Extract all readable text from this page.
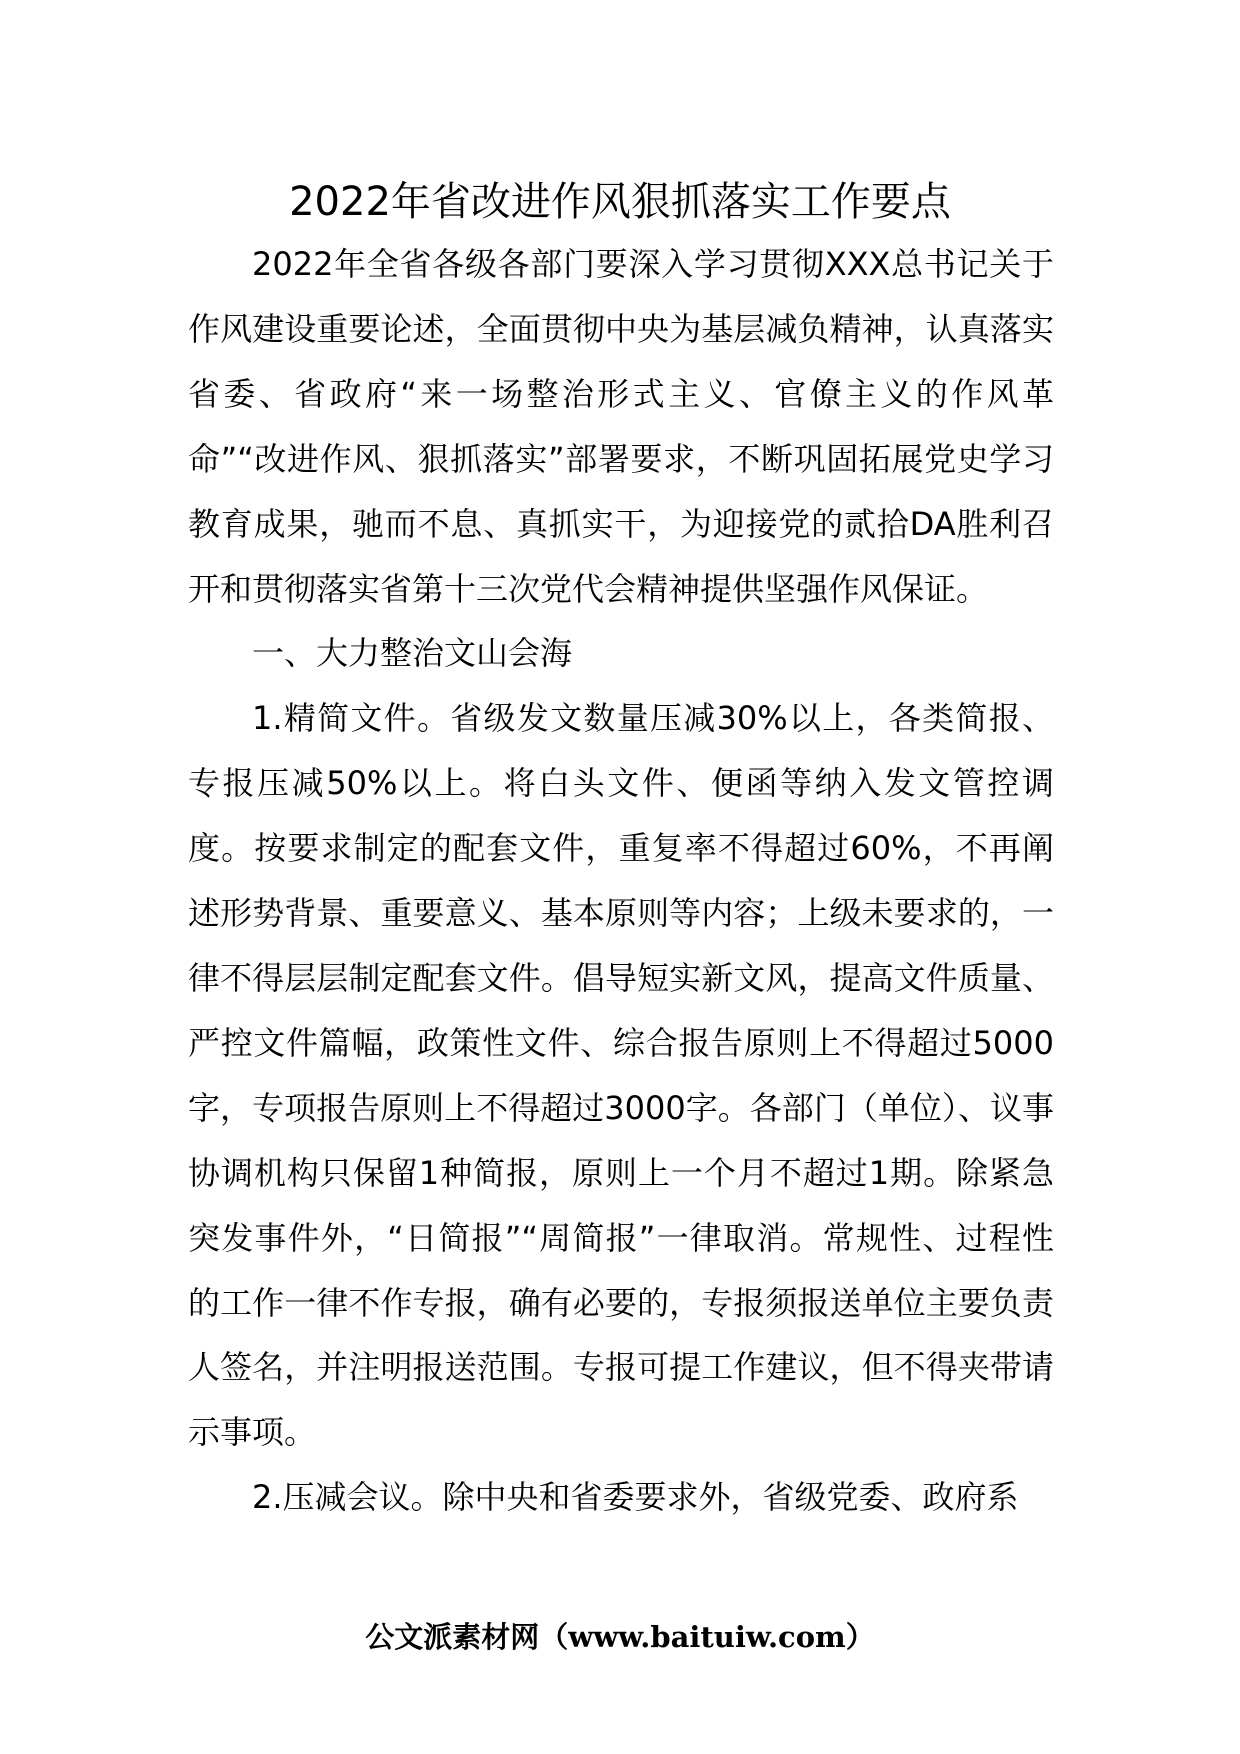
2022年省改进作风狠抓落实工作要点

2022年全省各级各部门要深入学习贯彻XXX总书记关于作风建设重要论述，全面贯彻中央为基层减负精神，认真落实省委、省政府“来一场整治形式主义、官僚主义的作风革命”“改进作风、狠抓落实”部署要求，不断巩固拓展党史学习教育成果，驰而不息、真抓实干，为迎接党的贰拾DA胜利召开和贯彻落实省第十三次党代会精神提供坚强作风保证。

一、大力整治文山会海

1.精简文件。省级发文数量压减30%以上，各类简报、专报压减50%以上。将白头文件、便函等纳入发文管控调度。按要求制定的配套文件，重复率不得超过60%，不再阐述形势背景、重要意义、基本原则等内容；上级未要求的，一律不得层层制定配套文件。倡导短实新文风，提高文件质量、严控文件篇幅，政策性文件、综合报告原则上不得超过5000字，专项报告原则上不得超过3000字。各部门（单位）、议事协调机构只保留1种简报，原则上一个月不超过1期。除紧急突发事件外，“日简报”“周简报”一律取消。常规性、过程性的工作一律不作专报，确有必要的，专报须报送单位主要负责人签名，并注明报送范围。专报可提工作建议，但不得夹带请示事项。

2.压减会议。除中央和省委要求外，省级党委、政府系

公文派素材网（www.baituiw.com）
